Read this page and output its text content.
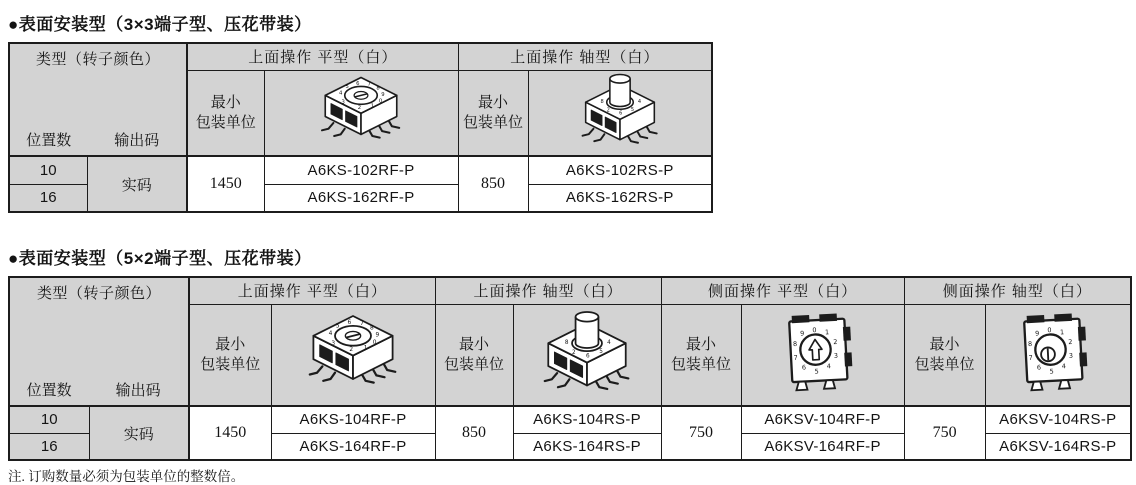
●表面安装型（3×3端子型、压花带装）
类型（转子颜色）
位置数 输出码		上面操作 平型（白）		上面操作 轴型（白）	

		最小
包装单位		最小
包装单位

10	实码	1450	A6KS-102RF-P	850	A6KS-102RS-P
16			A6KS-162RF-P		A6KS-162RS-P
●表面安装型（5×2端子型、压花带装）
类型（转子颜色）
位置数 输出码		上面操作 平型（白）		上面操作 轴型（白）		侧面操作 平型（白）		侧面操作 轴型（白）	

		最小
包装单位		最小
包装单位		最小
包装单位		最小
包装单位

10	实码	1450	A6KS-104RF-P	850	A6KS-104RS-P	750	A6KSV-104RF-P	750	A6KSV-104RS-P
16			A6KS-164RF-P		A6KS-164RS-P		A6KSV-164RF-P		A6KSV-164RS-P
注. 订购数量必须为包装单位的整数倍。
